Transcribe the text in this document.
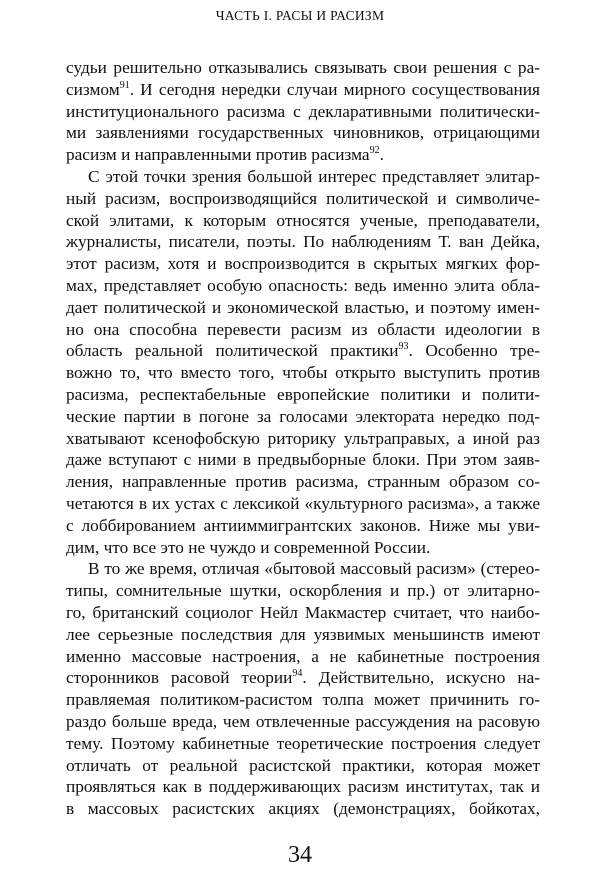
ЧАСТЬ I. РАСЫ И РАСИЗМ
судьи решительно отказывались связывать свои решения с ра-
сизмом$^{91}$. И сегодня нередки случаи мирного сосуществования
институционального расизма с декларативными политически-
ми заявлениями государственных чиновников, отрицающими
расизм и направленными против расизма$^{92}$.
С этой точки зрения большой интерес представляет элитар-
ный расизм, воспроизводящийся политической и символиче-
ской элитами, к которым относятся ученые, преподаватели,
журналисты, писатели, поэты. По наблюдениям Т. ван Дейка,
этот расизм, хотя и воспроизводится в скрытых мягких фор-
мах, представляет особую опасность: ведь именно элита обла-
дает политической и экономической властью, и поэтому имен-
но она способна перевести расизм из области идеологии в
область реальной политической практики$^{93}$. Особенно тре-
вожно то, что вместо того, чтобы открыто выступить против
расизма, респектабельные европейские политики и полити-
ческие партии в погоне за голосами электората нередко под-
хватывают ксенофобскую риторику ультраправых, а иной раз
даже вступают с ними в предвыборные блоки. При этом заяв-
ления, направленные против расизма, странным образом со-
четаются в их устах с лексикой «культурного расизма», а также
с лоббированием антииммигрантских законов. Ниже мы уви-
дим, что все это не чуждо и современной России.
В то же время, отличая «бытовой массовый расизм» (стерео-
типы, сомнительные шутки, оскорбления и пр.) от элитарно-
го, британский социолог Нейл Макмастер считает, что наибо-
лее серьезные последствия для уязвимых меньшинств имеют
именно массовые настроения, а не кабинетные построения
сторонников расовой теории$^{94}$. Действительно, искусно на-
правляемая политиком-расистом толпа может причинить го-
раздо больше вреда, чем отвлеченные рассуждения на расовую
тему. Поэтому кабинетные теоретические построения следует
отличать от реальной расистской практики, которая может
проявляться как в поддерживающих расизм институтах, так и
в массовых расистских акциях (демонстрациях, бойкотах,
34
